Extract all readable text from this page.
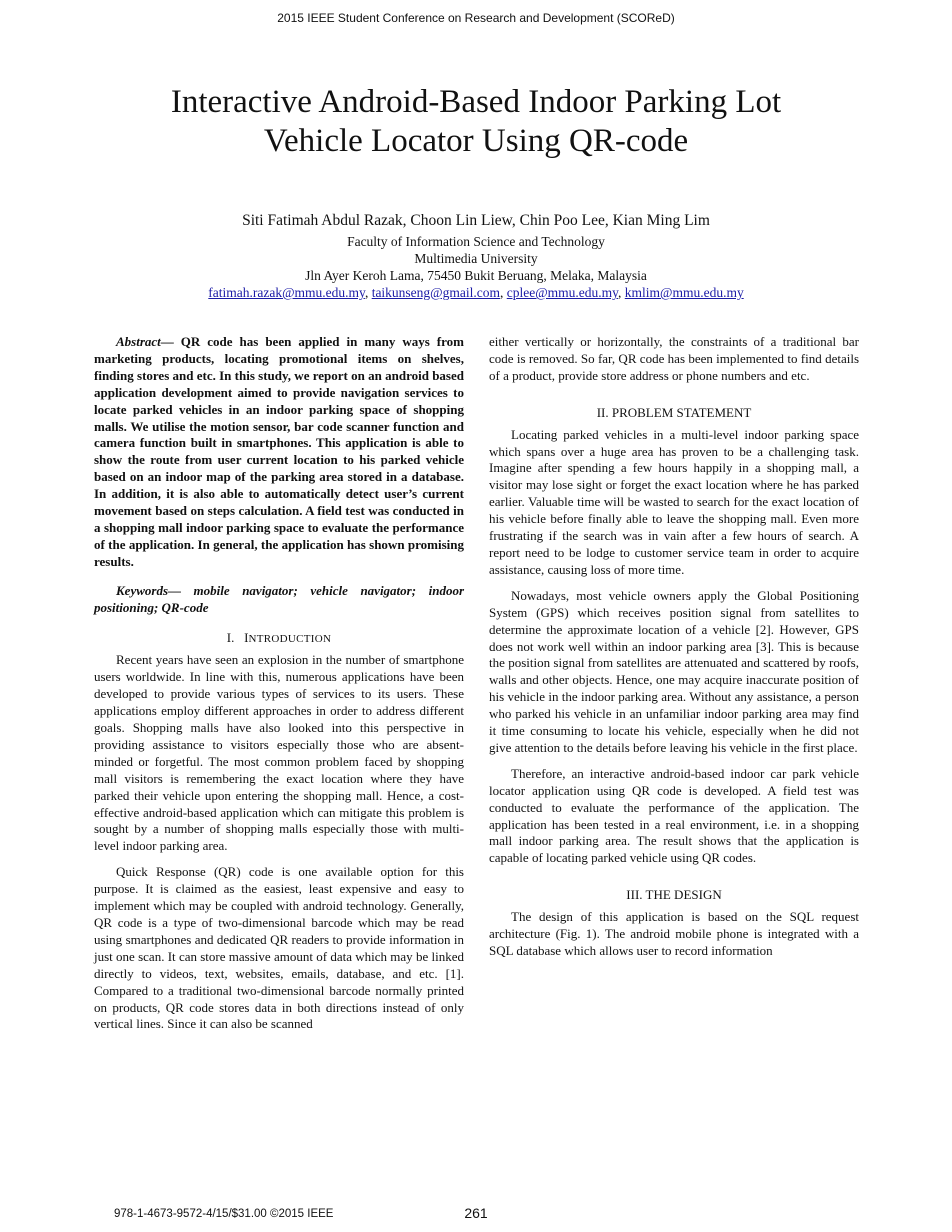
2015 IEEE Student Conference on Research and Development (SCOReD)
Interactive Android-Based Indoor Parking Lot
Vehicle Locator Using QR-code
Siti Fatimah Abdul Razak, Choon Lin Liew, Chin Poo Lee, Kian Ming Lim
Faculty of Information Science and Technology
Multimedia University
Jln Ayer Keroh Lama, 75450 Bukit Beruang, Melaka, Malaysia
fatimah.razak@mmu.edu.my, taikunseng@gmail.com, cplee@mmu.edu.my, kmlim@mmu.edu.my

Abstract— QR code has been applied in many ways from marketing products, locating promotional items on shelves, finding stores and etc. In this study, we report on an android based application development aimed to provide navigation services to locate parked vehicles in an indoor parking space of shopping malls. We utilise the motion sensor, bar code scanner function and camera function built in smartphones. This application is able to show the route from user current location to his parked vehicle based on an indoor map of the parking area stored in a database. In addition, it is also able to automatically detect user’s current movement based on steps calculation. A field test was conducted in a shopping mall indoor parking space to evaluate the performance of the application. In general, the application has shown promising results.

Keywords— mobile navigator; vehicle navigator; indoor positioning; QR-code

I. INTRODUCTION

Recent years have seen an explosion in the number of smartphone users worldwide. In line with this, numerous applications have been developed to provide various types of services to its users. These applications employ different approaches in order to address different goals. Shopping malls have also looked into this perspective in providing assistance to visitors especially those who are absent-minded or forgetful. The most common problem faced by shopping mall visitors is remembering the exact location where they have parked their vehicle upon entering the shopping mall. Hence, a cost-effective android-based application which can mitigate this problem is sought by a number of shopping malls especially those with multi-level indoor parking area.

Quick Response (QR) code is one available option for this purpose. It is claimed as the easiest, least expensive and easy to implement which may be coupled with android technology. Generally, QR code is a type of two-dimensional barcode which may be read using smartphones and dedicated QR readers to provide information in just one scan. It can store massive amount of data which may be linked directly to videos, text, websites, emails, database, and etc. [1]. Compared to a traditional two-dimensional barcode normally printed on products, QR code stores data in both directions instead of only vertical lines. Since it can also be scanned

either vertically or horizontally, the constraints of a traditional bar code is removed. So far, QR code has been implemented to find details of a product, provide store address or phone numbers and etc.

II. PROBLEM STATEMENT

Locating parked vehicles in a multi-level indoor parking space which spans over a huge area has proven to be a challenging task. Imagine after spending a few hours happily in a shopping mall, a visitor may lose sight or forget the exact location where he has parked earlier. Valuable time will be wasted to search for the exact location of his vehicle before finally able to leave the shopping mall. Even more frustrating if the search was in vain after a few hours of search. A report need to be lodge to customer service team in order to acquire assistance, causing loss of more time.

Nowadays, most vehicle owners apply the Global Positioning System (GPS) which receives position signal from satellites to determine the approximate location of a vehicle [2]. However, GPS does not work well within an indoor parking area [3]. This is because the position signal from satellites are attenuated and scattered by roofs, walls and other objects. Hence, one may acquire inaccurate position of his vehicle in the indoor parking area. Without any assistance, a person who parked his vehicle in an unfamiliar indoor parking area may find it time consuming to locate his vehicle, especially when he did not give attention to the details before leaving his vehicle in the first place.

Therefore, an interactive android-based indoor car park vehicle locator application using QR code is developed. A field test was conducted to evaluate the performance of the application. The application has been tested in a real environment, i.e. in a shopping mall indoor parking area. The result shows that the application is capable of locating parked vehicle using QR codes.

III. THE DESIGN

The design of this application is based on the SQL request architecture (Fig. 1). The android mobile phone is integrated with a SQL database which allows user to record information

978-1-4673-9572-4/15/$31.00 ©2015 IEEE	261
